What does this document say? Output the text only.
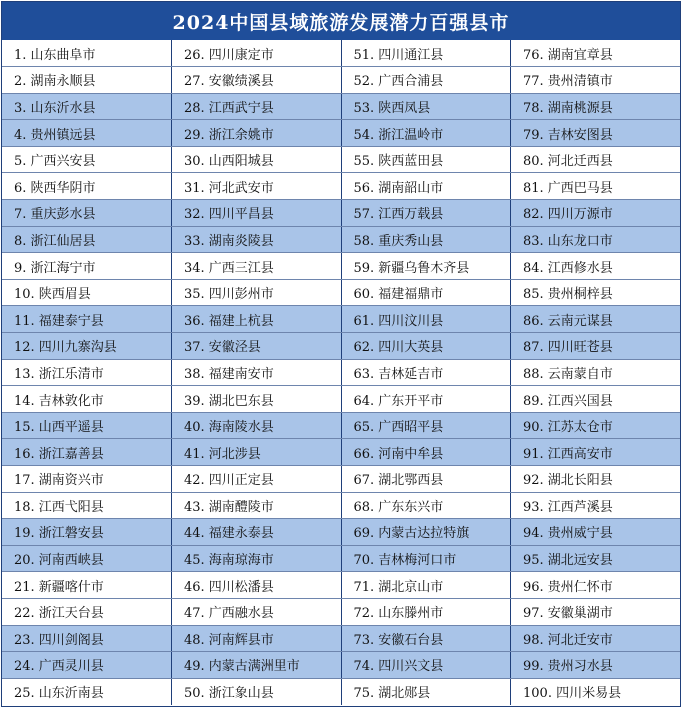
2024中国县域旅游发展潜力百强县市
1. 山东曲阜市	26. 四川康定市	51. 四川通江县	76. 湖南宜章县
2. 湖南永顺县	27. 安徽绩溪县	52. 广西合浦县	77. 贵州清镇市
3. 山东沂水县	28. 江西武宁县	53. 陕西凤县	78. 湖南桃源县
4. 贵州镇远县	29. 浙江余姚市	54. 浙江温岭市	79. 吉林安图县
5. 广西兴安县	30. 山西阳城县	55. 陕西蓝田县	80. 河北迁西县
6. 陕西华阴市	31. 河北武安市	56. 湖南韶山市	81. 广西巴马县
7. 重庆彭水县	32. 四川平昌县	57. 江西万载县	82. 四川万源市
8. 浙江仙居县	33. 湖南炎陵县	58. 重庆秀山县	83. 山东龙口市
9. 浙江海宁市	34. 广西三江县	59. 新疆乌鲁木齐县	84. 江西修水县
10. 陕西眉县	35. 四川彭州市	60. 福建福鼎市	85. 贵州桐梓县
11. 福建泰宁县	36. 福建上杭县	61. 四川汶川县	86. 云南元谋县
12. 四川九寨沟县	37. 安徽泾县	62. 四川大英县	87. 四川旺苍县
13. 浙江乐清市	38. 福建南安市	63. 吉林延吉市	88. 云南蒙自市
14. 吉林敦化市	39. 湖北巴东县	64. 广东开平市	89. 江西兴国县
15. 山西平遥县	40. 海南陵水县	65. 广西昭平县	90. 江苏太仓市
16. 浙江嘉善县	41. 河北涉县	66. 河南中牟县	91. 江西高安市
17. 湖南资兴市	42. 四川正定县	67. 湖北鄂西县	92. 湖北长阳县
18. 江西弋阳县	43. 湖南醴陵市	68. 广东东兴市	93. 江西芦溪县
19. 浙江磐安县	44. 福建永泰县	69. 内蒙古达拉特旗	94. 贵州威宁县
20. 河南西峡县	45. 海南琼海市	70. 吉林梅河口市	95. 湖北远安县
21. 新疆喀什市	46. 四川松潘县	71. 湖北京山市	96. 贵州仁怀市
22. 浙江天台县	47. 广西融水县	72. 山东滕州市	97. 安徽巢湖市
23. 四川剑阁县	48. 河南辉县市	73. 安徽石台县	98. 河北迁安市
24. 广西灵川县	49. 内蒙古满洲里市	74. 四川兴文县	99. 贵州习水县
25. 山东沂南县	50. 浙江象山县	75. 湖北郧县	100. 四川米易县
